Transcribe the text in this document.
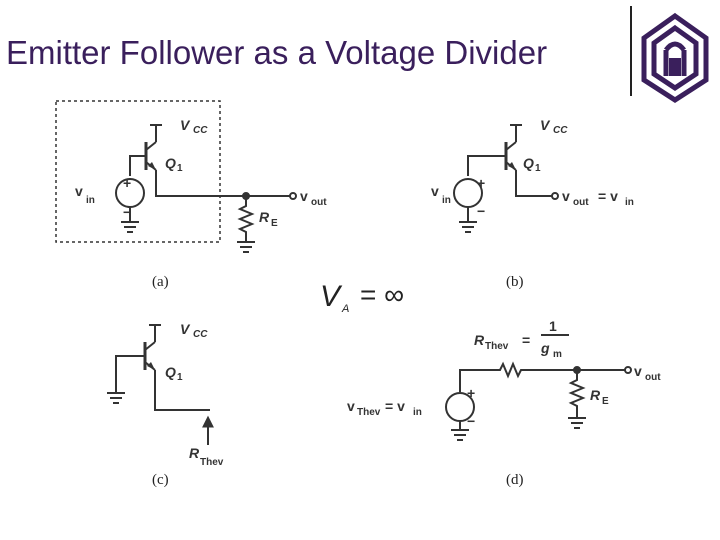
Emitter Follower as a Voltage Divider
V CC
Q 1
v
in
+
−
v out
R E
(a)
V CC
Q 1
v
in
+
−
v out = v in
(b)
V A = ∞
V CC
Q 1
R
Thev
(c)
R Thev =
1
g m
v Thev = v in
+
−
v out
R E
(d)
